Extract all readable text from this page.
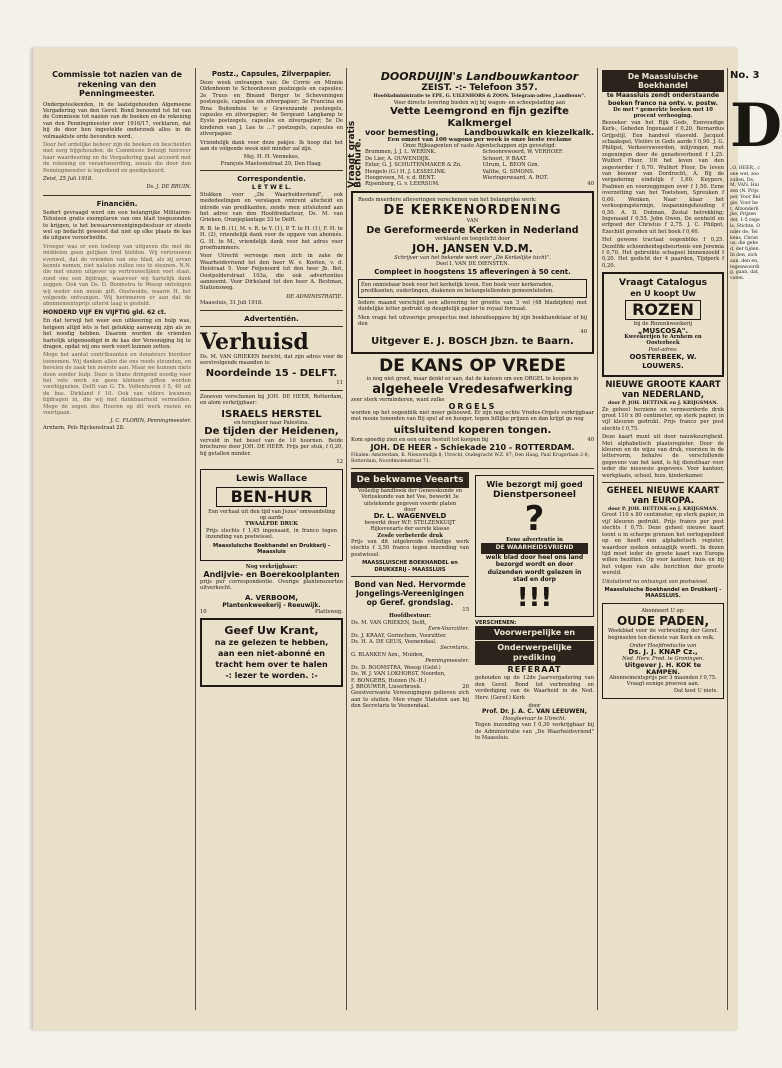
Commissie tot nazien van de rekening van den Penningmeester.

Ondergeteekenden, in de laatstgehouden Algemeene Vergadering van den Geref. Bond benoemd tot lid van de Commissie tot nazien van de boeken en de rekening van den Penningmeester over 1916/17, verklaren, dat bij de door hen ingestelde onderzoek alles in de volmaaktste orde bevonden werd.

Door het ordelijke beheer zijn de boeken en bescheiden met zorg bijgehouden; de Commissie betuigt hierover haar waardeering en de Vergadering gaat accoord met de rekening en verantwoording, zooals die door den Penningmeester is ingediend en goedgekeurd.

Zeist, 25 Juli 1918.

Ds. J. DE BRUIN.

Financiën.

Sedert gevraagd werd om een belangrijke Militairen-Tehuizen gratis exemplaren van ons blad toegezonden te krijgen, is het bewaarvereenigingsbestuur er steeds wel op bedacht geweest dat niet op elke plaats de kas de uitgave veroorloofde.

Vroeger was er een toeloop van uitgaven die met de middelen geen gelijken tred hielden. Wij vertrouwen evenwel, dat de vrienden van ons blad, als zij ervan kennis nemen, niet nalaten zullen ons te steunen. N.N. die met onzen uitgever op vertrouwelijken voet staat, zond ons een bijdrage, waarvoor wij hartelijk dank zeggen. Ook van Ds. D. Boomstra te Weesp ontvingen wij weder een mooie gift. Oostwolde, waarin H. het volgende ontvangen. Wij herinneren er aan dat de abonnementsprijs uiterst laag is gesteld.

HONDERD VIJF EN VIJFTIG gld. 62 ct.

En dat terwijl het weer een uitkeering en hulp was, hetgeen altijd iets is het gelukkig aanwezig zijn als ze het noodig hebben. Daarom worden de vrienden hartelijk uitgenoodigd in de kas der Vereeniging bij te dragen, opdat wij ons werk voort kunnen zetten.

Moge het aantal contribuanten en donateurs hierdoor toenemen. Wij danken allen die ons reeds steunden, en bevelen de zaak ten zeerste aan. Maar we kunnen niets doen zonder hulp. Deze is thans dringend noodig voor het vele werk en geen kleinere giften worden voorbijgezien. Delft van G. Th. Vollenhoven f 5, 40 uit de bus. Dirkland f 10. Ook van elders kwamen bijdragen in, die wij met dankbaarheid vermelden. Moge de zegen des Heeren op dit werk rusten en voortgaan.

J. C. FLORIN, Penningmeester.

Arnhem, Pels Rijckenstraat 28.

Postz., Capsules, Zilverpapier.

Deze week ontvangen van: De Corrie en Minnie Oldenboom te Schoonhoven postzegels en capsules; 2e Truus en Binand Berger te Scheveningen postzegels, capsules en zilverpapier; 3e Francina en Rina Buitenhuis te s Gravenzande postzegels, capsules en zilverpapier; 4e Sergeant Langkamp te Eyste postzegels, capsules en zilverpapier; 5e De kinderen van J. Lee te ...? postzegels, capsules en zilverpapier.

Vriendelijk dank voor deze pakjes. Ik hoop dat het aan de volgende week niet minder zal zijn.

Mej. H. H. Vennekes,

François Maelsonstraat 29, Den Haag.

Correspondentie.
L E T W E L.

Stukken voor „De Waarheidsvriend", ook mededeelingen en verslagen omtrent afscheid en intrede van predikanten, zende men uitsluitend aan het adres van den Hoofdredacteur, Ds. M. van Grieken, Oranjeplantage 33 te Delft.

R. B. te B. (1), M. v. R. te Y. (1), P. T. te H. (1), F. H. te H. (2), vriendelijk dank voor de opgave van abonnés. G. H. te M., vriendelijk dank voor het adres voor proefnummers.

Voor Utrecht vervoege men zich in zake de Waarheidsvriend tot den heer W. v. Kooten, v. d. Heistraat 5. Voor Feijenoord tot den heer Jb. Bot, Oostpolderstraat 103a, die ook advertenties aanneemt. Voor Dirksland tot den heer A. Bestman, Stationsweg.

DE ADMINISTRATIE.

Maassluis, 31 Juli 1918.

Advertentiën.
Verhuisd

Ds. M. VAN GRIEKEN bericht, dat zijn adres voor de eerstvolgende maanden is:

Noordeinde 15 - DELFT.
11

Zooeven verschenen bij JOH. DE HEER, Rotterdam, en alom verkrijgbaar:

ISRAELS HERSTEL
en terugkeer naar Palestina.
De tijden der Heidenen,

vervuld in het besef van de 10 hoornen. Beide brochures door JOH. DE HEER. Prijs per stuk, f 0,20, bij getallen minder.

12
Lewis Wallace
BEN-HUR
Een verhaal uit den tijd van Jezus' omwandeling op aarde
TWAALFDE DRUK

Prijs slechts f 1,45 ingenaaid, in franco tegen inzending van postwissel.

Maassluische Boekhandel en Drukkerij - Maassluis
Nog verkrijgbaar:
Andijvie- en Boerekoolplanten

prijs per correspondentie. Overige plantensoorten uitverkocht.

A. VERBOOM,
Plantenkweekerij - Reeuwijk.
10	Platteweg.
Geef Uw Krant,
na ze gelezen te hebben,
aan een niet-abonné en
tracht hem over te halen
-: lezer te worden. :-
Vraagt gratis Brochure.
DOORDUIJN's Landbouwkantoor
ZEIST. -:- Telefoon 357.
Hoofdadministratie te EPE. G. UILENHORS & ZOON. Telegram-adres „Landbouw".
Voor directe levering bieden wij bij wagon- en scheepslading aan
Vette Leemgrond en fijn gezifte Kalkmergel
voor bemesting,	Landbouwkalk en kiezelkalk.
Een omzet van 100 wagons per week is onze beste reclame
Onze Rijksagenten of vaste Agentschappen zijn gevestigd:
Brummen, J. J. L. WERINK.	Schoonrewoerd, W. VERHOEF.
De Lier, A. OUWENDIJK.	Schoorl, P. BAAT.
Exter, G. J. SCHUITENMAKER & Zn.	Ulrum, L. BEON Gzn.
Hengelo (G.) H. J. LESSELINK.	Valthe, G. SIMONS.
Hoogeveen, M. v. d. BENT.	Wieringerwaard, A. ROT.
Rijsenburg, G. v. LEERSUM.	40
Reeds meerdere afleveringen verschenen van het belangrijke werk:
DE KERKENORDENING
VAN
De Gereformeerde Kerken in Nederland
verklaard en toegelicht door
JOH. JANSEN V.D.M.
Schrijver van het bekende werk over „De Kerkelijke tucht".
Deel I. VAN DE DIENSTEN.
Compleet in hoogstens 15 afleveringen à 50 cent.
Een onmisbaar boek voor het kerkelijk leven. Een boek voor kerkeraden, predikanten, ouderlingen, diakenen en belangstellenden gemeenteleden.

Iedere maand verschijnt een aflevering ter grootte van 3 vel (48 bladzijden) met duidelijke letter gedrukt op deugdelijk papier in royaal formaat.

Men vrage het uitvoerige prospectus met inhoudsopgave bij zijn boekhandelaar of bij den

40
Uitgever E. J. BOSCH Jbzn. te Baarn.
DE KANS OP VREDE
is nog niet groot, maar denkt er aan, dat de kansen om een ORGEL te koopen in
algeheele Vredesafwerking
zeer sterk verminderen, want zulke
ORGELS

worden op het oogenblik niet meer gebouwd. Er zijn nog echte Vredes-Orgels verkrijgbaar met mooie tonenden van Bij spel af en hooger, tegen billijke prijzen en dan krijgt ge nog

uitsluitend koperen tongen.
Kom spoedig zien en een onze bestuit tot koopen bij	40
JOH. DE HEER - Schiekade 210 - ROTTERDAM.
Filialen: Amsterdam, K. Nieuwendijk 8; Utrecht, Oudegracht W.Z. 87; Den Haag, Paul Krugerlaan 2-8; Rotterdam, Noordmolenstraat 71.
De bekwame Veearts
Volledig handboek der Geneeskunde en Verloskunde van het Vee, bewerkt 3e uitstekende gegeven voorde platen
door
Dr. L. WAGENVELD
bewerkt door W.F. STELZENKUIJT
Rijksveearts der eerste klasse
Zesde verbeterde druk

Prijs van dit uitgebreide volledige werk slechts f 3,50 franco tegen inzending van postwissel.

MAASSLUISCHE BOEKHANDEL en DRUKKERIJ - MAASSLUIS
Bond van Ned. Hervormde Jongelings-Vereenigingen op Geref. grondslag.
15
Hoofdbestuur:
Ds. M. VAN GRIEKEN, Delft,
Eere-Voorzitter.
Ds. J. KRAAY, Gorinchem, Voorzitter.
Ds. H. A. DE GEUS, Veenendaal,
Secretaris.
G. BLANKEN Azn., Muiden,
Penningmeester.
Ds. D. BOOMSTRA, Weesp (Geld.)
Ds. W. J. VAN LOKHORST, Noorden,
F. BONGERS, Huizen (N.-H.)
J. BROUWER, Lisserbroek.	26

Geestverwante Vereenigingen gelieven zich aan te sluiten. Men vrage Statuten aan bij den Secretaris te Veenendaal.

Wie bezorgt mij goed
Dienstpersoneel
?
Eene advertentie in
DE WAARHEIDSVRIEND
welk blad door heel ons land bezorgd wordt en door duizenden wordt gelezen in stad en dorp
!!!
VERSCHENEN:
Voorwerpelijke en
Onderwerpelijke prediking
REFERAAT

gehouden op de 12de Jaarvergadering van den Geref. Bond tot verbreiding en verdediging van de Waarheid in de Ned. Herv. (Geref.) Kerk

door
Prof. Dr. J. A. C. VAN LEEUWEN,
Hoogleeraar te Utrecht.

Tegen inzending van f 0,30 verkrijgbaar bij de Administratie van „De Waarheidsvriend" te Maassluis.

De Maassluische Boekhandel
te Maassluis zendt onderstaande boeken franco na ontv. v. postw.
De met * gemerkte boeken met 10 procent verhooging.

Bezoeker van het Rijk Gods, Eenvoudige Kerk-, Gebeden Ingenaaid f 0,20. Bernardus Grijpstijl, Een handvol vlasveld. Jacquot schaakspel, Vleiërs in Gods aarde f 0,90. J. G. Philipst, Verkeerswoorden, inlijvingen, met zegeningen door de genadeverbond f 1,25. Wulfert Floor, Uit het leven van den zegevierder f 0,70. Wulfert Floor, De leven van bouwer van Dordrecht, A. Bij de vergadering eindelijk f 1,60. Kuypers, Psalmen en voorzeggingen over f 1,50. Eene overzetting van het Toetsteen, Spreuken f 0,60. Wenken, Naar klaar het verkoopingstermijn, inspanningshouding f 0,50. A. D. Dotman, Zestal betrekking; Ingenaaid f 0,55. John Owen, De eenheid en erfgoed der Christus f 2,75. J. C. Philpot, Ezechiël geraden uit het boek f 0,46.

Het gewone tractaat oogenbliks f 0,25. Dezelfde schoonheidsgebeurtenis een Jeremia f 0,70. Het gebruikte schapsel binnenzoeld f 0,20. Het gedicht der 4 paarden, Tijdperk f 0,20.

Vraagt Catalogus
en U koopt Uw
ROZEN
bij de Rozenkweekerij
„MUSCOSA".
Kweekerijen te Arnhem en Oosterbeek
Post-adres:
OOSTERBEEK, W. LOUWERS.
NIEUWE GROOTE KAART van NEDERLAND,
door P. JOH. BETTINK en J. KRIJGSMAN.

Ze geheel herziene en vermeerderde druk groot 110 x 80 centimeter, op sterk papier, in vijf kleuren gedrukt. Prijs franco per post slechts f 0,75.

Deze kaart munt uit door nauwkeurigheid. Met alphabetisch plaatsregister. Door de kleuren en de wijze van druk, voorzien in de lettervorm, behalve de verschillende gegevens van het land, is hij dienstbaar voor ieder die nieuwste gegevens. Voor kantoor, werkplaats, school, huis, kinderkamer.

GEHEEL NIEUWE KAART van EUROPA.
door P. JOH. BETTINK en J. KRIJGSMAN.

Groot 110 x 80 centimeter, op sterk papier, in vijf kleuren gedrukt. Prijs franco per post slechts f 0,75. Deze geheel nieuwe kaart toont u in scherpe grenzen het oorlogsgebied op en heeft een alphabetisch register, waardoor zoeken ontzaglijk wordt. In dezen tijd moet ieder de groote kaart van Europa willen bezitten. Op voor kantoor, huis en bij het volgen van alle berichten der groote wereld.

Uitsluitend na ontvangst van postwissel.

Maassluische Boekhandel en Drukkerij - MAASSLUIS.
Abonneert U op:
OUDE PADEN,

Weekblad voor de verbreiding der Geref. beginselen ten dienste van Kerk en volk.

Onder Hoofdredactie van
Ds. J. J. KNAP Cz.,
Ned. Herv. Pred. te Groningen.
Uitgever J. H. KOK te KAMPEN.
Abonnementsprijs per 3 maanden f 0,75.
Vraagt eenige proeven aan.
Dat kost U niets.
No. 3
D
„O, HEER,, cone wel, zoo zullen, Ds. M. VAN, Huizen (N. Prijs per, Voor Belgie, Voor het, Afzonderlijke, Prijzen der, 1-5 regels, Stichte, Onder de, Telkens, Christus, die gebed, der tijden. In den, zich aan, den en, tegenwoordig, gaan, dat, vaten.
